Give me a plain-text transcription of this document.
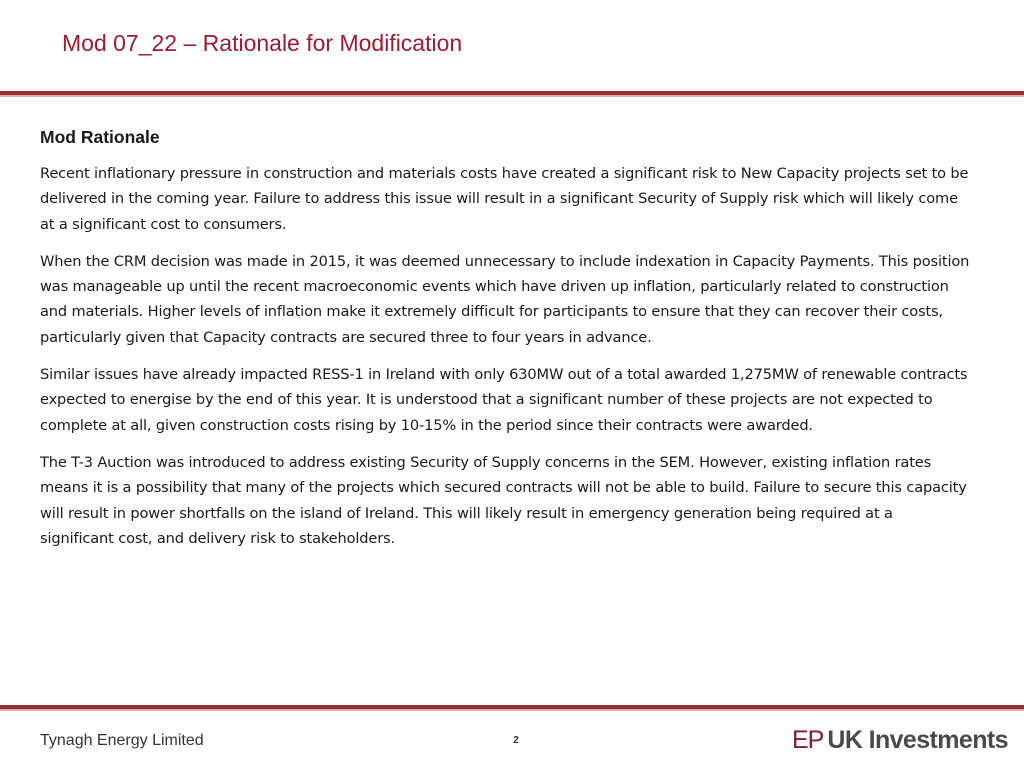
Mod 07_22 – Rationale for Modification
Mod Rationale

Recent inflationary pressure in construction and materials costs have created a significant risk to New Capacity projects set to be delivered in the coming year. Failure to address this issue will result in a significant Security of Supply risk which will likely come at a significant cost to consumers.

When the CRM decision was made in 2015, it was deemed unnecessary to include indexation in Capacity Payments. This position was manageable up until the recent macroeconomic events which have driven up inflation, particularly related to construction and materials. Higher levels of inflation make it extremely difficult for participants to ensure that they can recover their costs, particularly given that Capacity contracts are secured three to four years in advance.

Similar issues have already impacted RESS-1 in Ireland with only 630MW out of a total awarded 1,275MW of renewable contracts expected to energise by the end of this year. It is understood that a significant number of these projects are not expected to complete at all, given construction costs rising by 10-15% in the period since their contracts were awarded.

The T-3 Auction was introduced to address existing Security of Supply concerns in the SEM. However, existing inflation rates means it is a possibility that many of the projects which secured contracts will not be able to build. Failure to secure this capacity will result in power shortfalls on the island of Ireland. This will likely result in emergency generation being required at a significant cost, and delivery risk to stakeholders.

Tynagh Energy Limited	2	EP UK Investments
